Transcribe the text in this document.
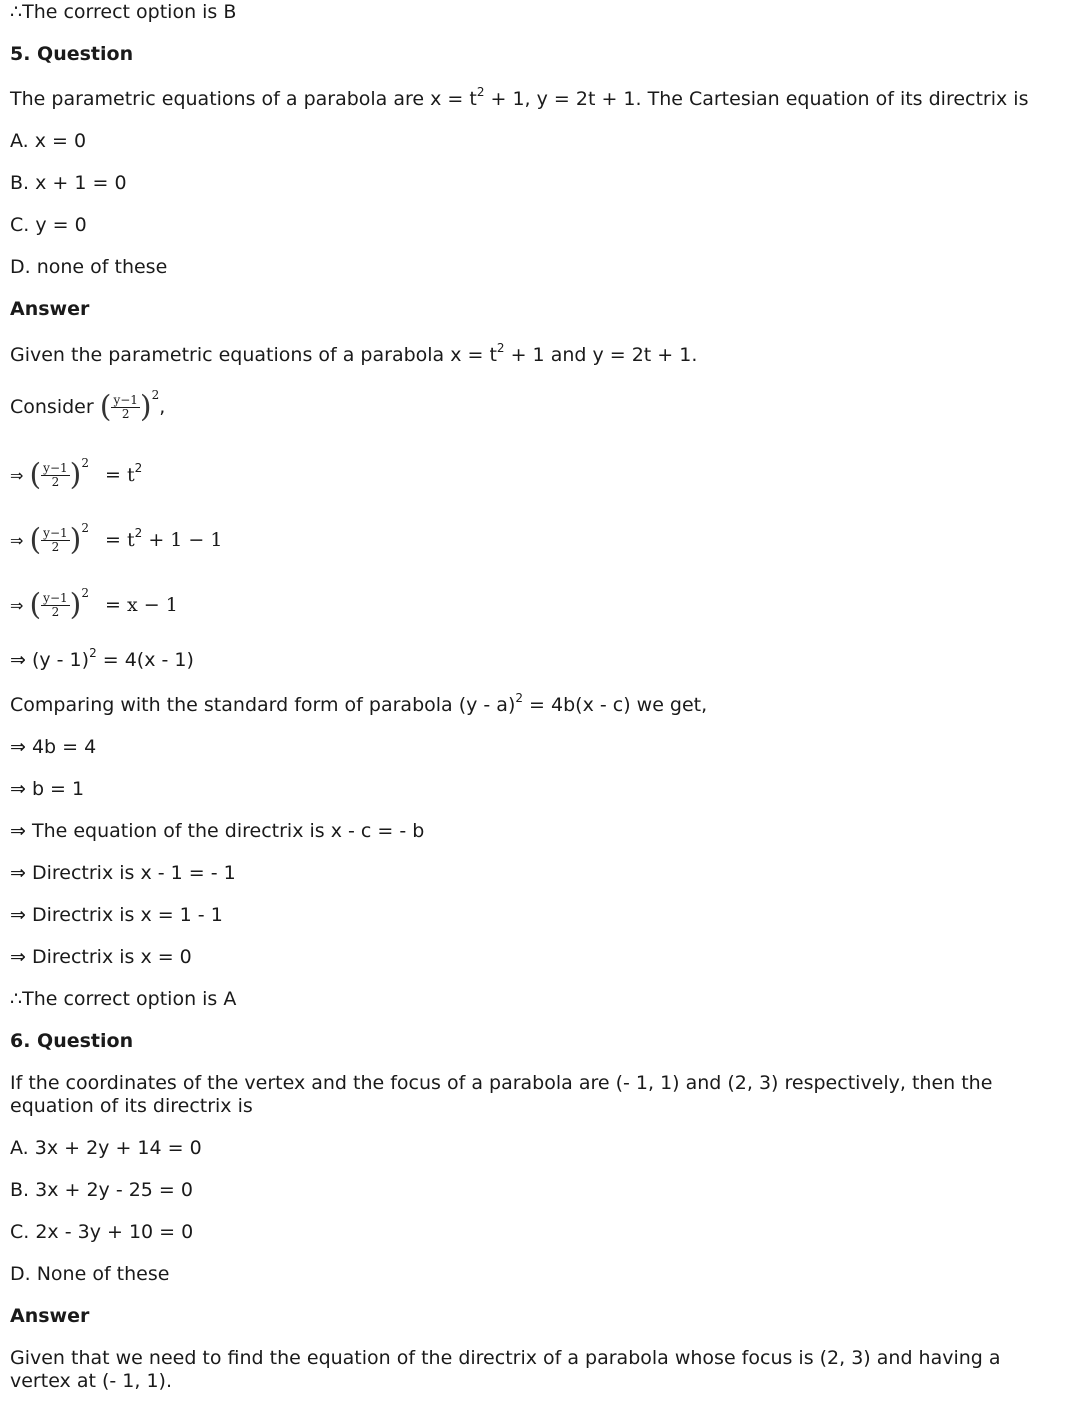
∴The correct option is B
5. Question
The parametric equations of a parabola are $x = t^2 + 1$, y = 2t + 1. The Cartesian equation of its directrix is
A. x = 0
B. x + 1 = 0
C. y = 0
D. none of these
Answer
Given the parametric equations of a parabola $x = t^2 + 1$ and y = 2t + 1.
Consider ( $\frac{y-1}{2} )^2$,
⇒ ( $\frac{y-1}{2} )^2 = t^2$
⇒ ( $\frac{y-1}{2} )^2 = t^2 + 1 - 1$
⇒ ( $\frac{y-1}{2} )^2 = x - 1$
⇒ (y - 1)$^2$ = 4(x - 1)
Comparing with the standard form of parabola (y - a)$^2$ = 4b(x - c) we get,
⇒ 4b = 4
⇒ b = 1
⇒ The equation of the directrix is x - c = - b
⇒ Directrix is x - 1 = - 1
⇒ Directrix is x = 1 - 1
⇒ Directrix is x = 0
∴The correct option is A
6. Question
If the coordinates of the vertex and the focus of a parabola are (- 1, 1) and (2, 3) respectively, then the equation of its directrix is
A. 3x + 2y + 14 = 0
B. 3x + 2y - 25 = 0
C. 2x - 3y + 10 = 0
D. None of these
Answer
Given that we need to find the equation of the directrix of a parabola whose focus is (2, 3) and having a vertex at (- 1, 1).
